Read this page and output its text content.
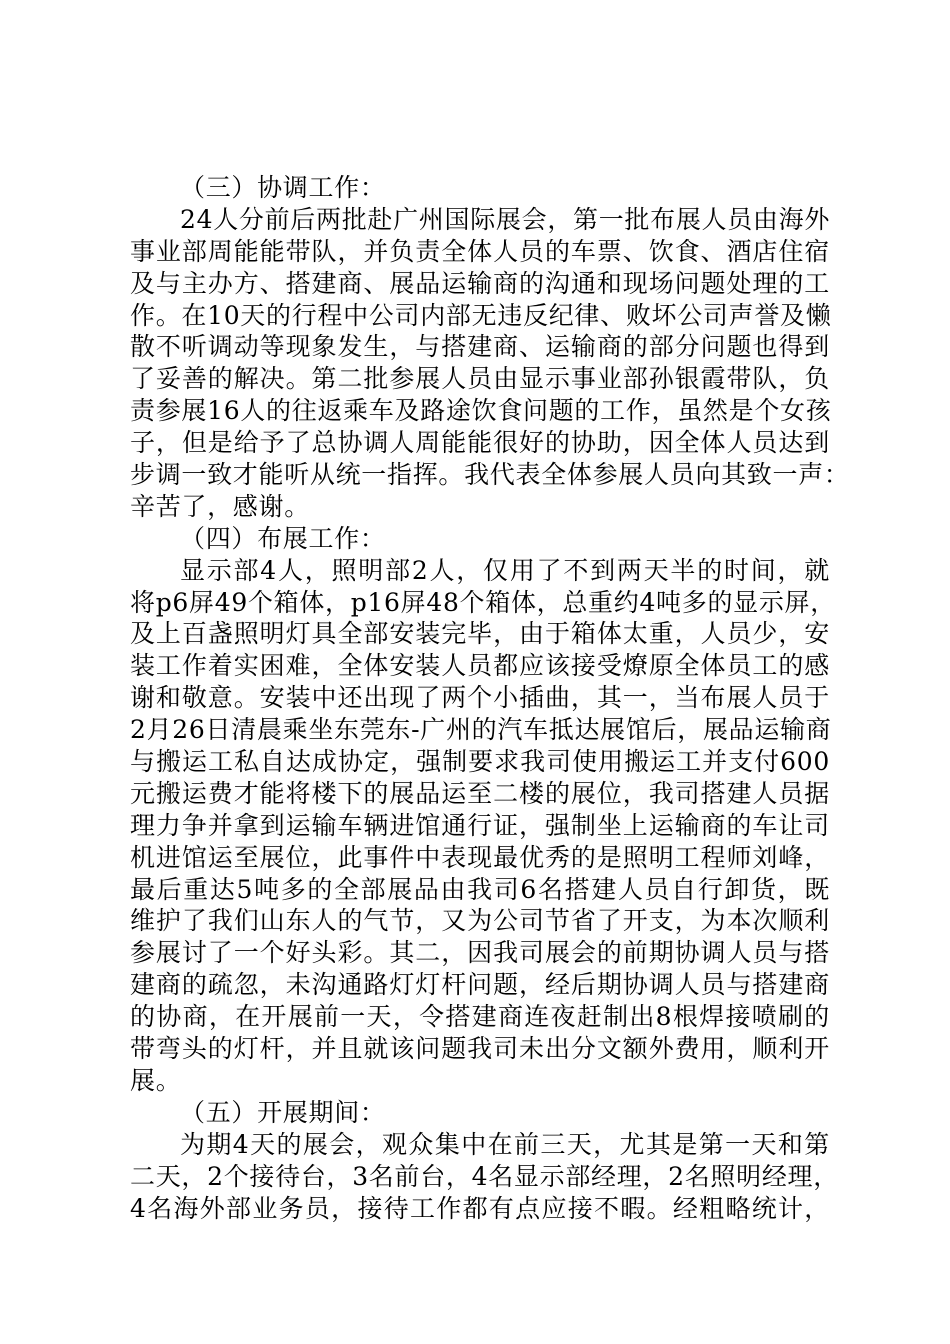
（三）协调工作：
24人分前后两批赴广州国际展会，第一批布展人员由海外
事业部周能能带队，并负责全体人员的车票、饮食、酒店住宿
及与主办方、搭建商、展品运输商的沟通和现场问题处理的工
作。在10天的行程中公司内部无违反纪律、败坏公司声誉及懒
散不听调动等现象发生，与搭建商、运输商的部分问题也得到
了妥善的解决。第二批参展人员由显示事业部孙银霞带队，负
责参展16人的往返乘车及路途饮食问题的工作，虽然是个女孩
子，但是给予了总协调人周能能很好的协助，因全体人员达到
步调一致才能听从统一指挥。我代表全体参展人员向其致一声：
辛苦了，感谢。
（四）布展工作：
显示部4人，照明部2人，仅用了不到两天半的时间，就
将p6屏49个箱体，p16屏48个箱体，总重约4吨多的显示屏，
及上百盏照明灯具全部安装完毕，由于箱体太重，人员少，安
装工作着实困难，全体安装人员都应该接受燎原全体员工的感
谢和敬意。安装中还出现了两个小插曲，其一，当布展人员于
2月26日清晨乘坐东莞东-广州的汽车抵达展馆后，展品运输商
与搬运工私自达成协定，强制要求我司使用搬运工并支付600
元搬运费才能将楼下的展品运至二楼的展位，我司搭建人员据
理力争并拿到运输车辆进馆通行证，强制坐上运输商的车让司
机进馆运至展位，此事件中表现最优秀的是照明工程师刘峰，
最后重达5吨多的全部展品由我司6名搭建人员自行卸货，既
维护了我们山东人的气节，又为公司节省了开支，为本次顺利
参展讨了一个好头彩。其二，因我司展会的前期协调人员与搭
建商的疏忽，未沟通路灯灯杆问题，经后期协调人员与搭建商
的协商，在开展前一天，令搭建商连夜赶制出8根焊接喷刷的
带弯头的灯杆，并且就该问题我司未出分文额外费用，顺利开
展。
（五）开展期间：
为期4天的展会，观众集中在前三天，尤其是第一天和第
二天，2个接待台，3名前台，4名显示部经理，2名照明经理，
4名海外部业务员，接待工作都有点应接不暇。经粗略统计，
